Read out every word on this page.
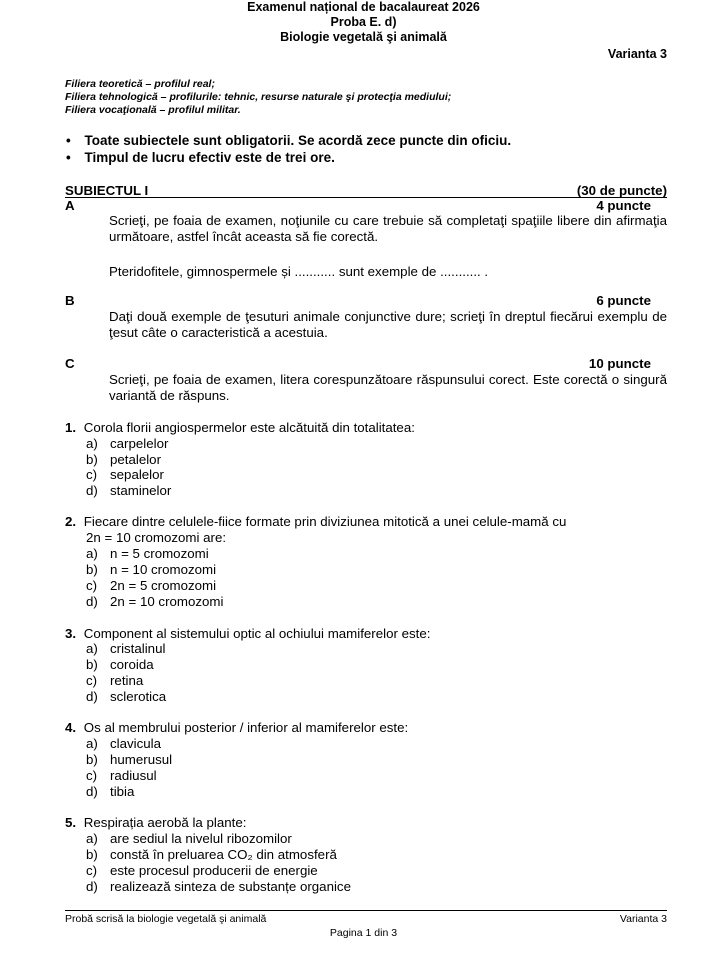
Examenul național de bacalaureat 2026
Proba E. d)
Biologie vegetală şi animală
Varianta 3
Filiera teoretică – profilul real;
Filiera tehnologică – profilurile: tehnic, resurse naturale şi protecţia mediului;
Filiera vocaţională – profilul militar.
• Toate subiectele sunt obligatorii. Se acordă zece puncte din oficiu.
• Timpul de lucru efectiv este de trei ore.
SUBIECTUL I	(30 de puncte)
A	4 puncte
Scrieţi, pe foaia de examen, noţiunile cu care trebuie să completaţi spaţiile libere din afirmaţia următoare, astfel încât aceasta să fie corectă.
Pteridofitele, gimnospermele și ........... sunt exemple de ........... .
B	6 puncte
Daţi două exemple de ţesuturi animale conjunctive dure; scrieţi în dreptul fiecărui exemplu de ţesut câte o caracteristică a acestuia.
C	10 puncte
Scrieţi, pe foaia de examen, litera corespunzătoare răspunsului corect. Este corectă o singură variantă de răspuns.
1. Corola florii angiospermelor este alcătuită din totalitatea:
a) carpelelor
b) petalelor
c) sepalelor
d) staminelor
2. Fiecare dintre celulele-fiice formate prin diviziunea mitotică a unei celule-mamă cu
2n = 10 cromozomi are:
a) n = 5 cromozomi
b) n = 10 cromozomi
c) 2n = 5 cromozomi
d) 2n = 10 cromozomi
3. Component al sistemului optic al ochiului mamiferelor este:
a) cristalinul
b) coroida
c) retina
d) sclerotica
4. Os al membrului posterior / inferior al mamiferelor este:
a) clavicula
b) humerusul
c) radiusul
d) tibia
5. Respirația aerobă la plante:
a) are sediul la nivelul ribozomilor
b) constă în preluarea CO₂ din atmosferă
c) este procesul producerii de energie
d) realizează sinteza de substanțe organice
Probă scrisă la biologie vegetală şi animală	Varianta 3
Pagina 1 din 3
